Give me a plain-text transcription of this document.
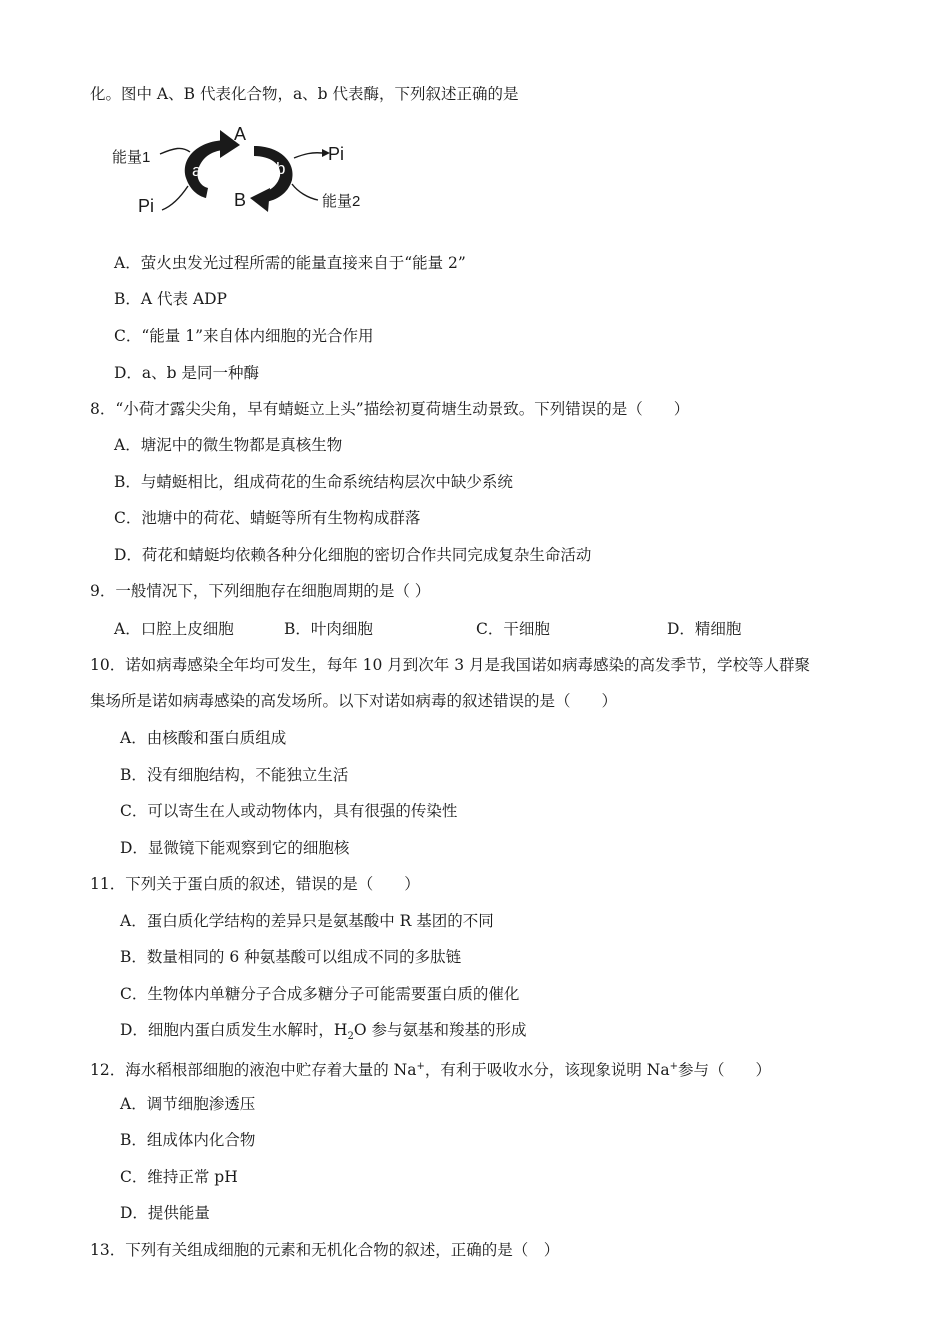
化。图中 A、B 代表化合物，a、b 代表酶，下列叙述正确的是
A
B
a	b
能量1
Pi
Pi
能量2
A．萤火虫发光过程所需的能量直接来自于“能量 2”
B．A 代表 ADP
C．“能量 1”来自体内细胞的光合作用
D．a、b 是同一种酶
8．“小荷才露尖尖角，早有蜻蜓立上头”描绘初夏荷塘生动景致。下列错误的是（　　）
A．塘泥中的微生物都是真核生物
B．与蜻蜓相比，组成荷花的生命系统结构层次中缺少系统
C．池塘中的荷花、蜻蜓等所有生物构成群落
D．荷花和蜻蜓均依赖各种分化细胞的密切合作共同完成复杂生命活动
9．一般情况下，下列细胞存在细胞周期的是（ ）
A．口腔上皮细胞	B．叶肉细胞	C．干细胞	D．精细胞
10．诺如病毒感染全年均可发生，每年 10 月到次年 3 月是我国诺如病毒感染的高发季节，学校等人群聚
集场所是诺如病毒感染的高发场所。以下对诺如病毒的叙述错误的是（　　）
A．由核酸和蛋白质组成
B．没有细胞结构，不能独立生活
C．可以寄生在人或动物体内，具有很强的传染性
D．显微镜下能观察到它的细胞核
11．下列关于蛋白质的叙述，错误的是（　　）
A．蛋白质化学结构的差异只是氨基酸中 R 基团的不同
B．数量相同的 6 种氨基酸可以组成不同的多肽链
C．生物体内单糖分子合成多糖分子可能需要蛋白质的催化
D．细胞内蛋白质发生水解时，$H_2O$ 参与氨基和羧基的形成
12．海水稻根部细胞的液泡中贮存着大量的 Na+，有利于吸收水分，该现象说明 Na+参与（　　）
A．调节细胞渗透压
B．组成体内化合物
C．维持正常 pH
D．提供能量
13．下列有关组成细胞的元素和无机化合物的叙述，正确的是（　）
